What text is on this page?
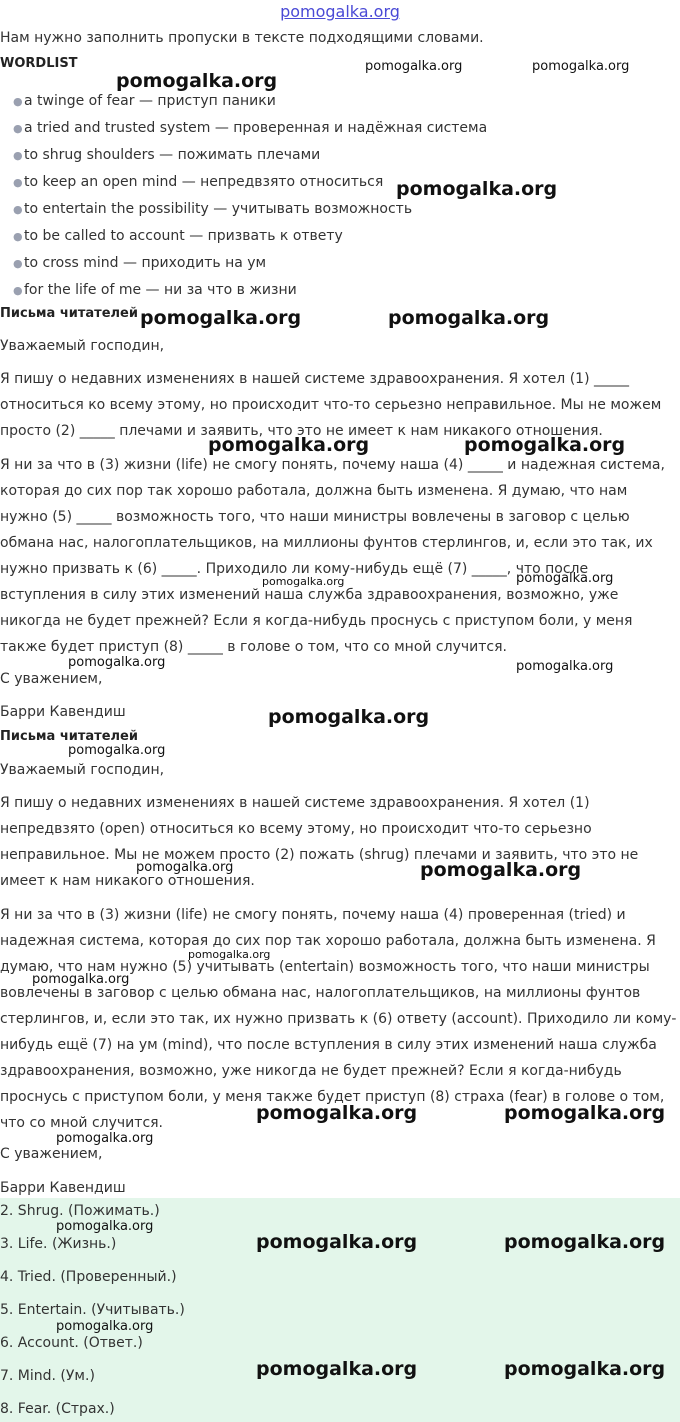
pomogalka.org
Нам нужно заполнить пропуски в тексте подходящими словами.
WORDLIST
● a twinge of fear — приступ паники
● a tried and trusted system — проверенная и надёжная система
● to shrug shoulders — пожимать плечами
● to keep an open mind — непредвзято относиться
● to entertain the possibility — учитывать возможность
● to be called to account — призвать к ответу
● to cross mind — приходить на ум
● for the life of me — ни за что в жизни
Письма читателей
Уважаемый господин,
Я пишу о недавних изменениях в нашей системе здравоохранения. Я хотел (1) _____
относиться ко всему этому, но происходит что-то серьезно неправильное. Мы не можем
просто (2) _____ плечами и заявить, что это не имеет к нам никакого отношения.
Я ни за что в (3) жизни (life) не смогу понять, почему наша (4) _____ и надежная система,
которая до сих пор так хорошо работала, должна быть изменена. Я думаю, что нам
нужно (5) _____ возможность того, что наши министры вовлечены в заговор с целью
обмана нас, налогоплательщиков, на миллионы фунтов стерлингов, и, если это так, их
нужно призвать к (6) _____. Приходило ли кому-нибудь ещё (7) _____, что после
вступления в силу этих изменений наша служба здравоохранения, возможно, уже
никогда не будет прежней? Если я когда-нибудь проснусь с приступом боли, у меня
также будет приступ (8) _____ в голове о том, что со мной случится.
С уважением,
Барри Кавендиш
Письма читателей
Уважаемый господин,
Я пишу о недавних изменениях в нашей системе здравоохранения. Я хотел (1)
непредвзято (open) относиться ко всему этому, но происходит что-то серьезно
неправильное. Мы не можем просто (2) пожать (shrug) плечами и заявить, что это не
имеет к нам никакого отношения.
Я ни за что в (3) жизни (life) не смогу понять, почему наша (4) проверенная (tried) и
надежная система, которая до сих пор так хорошо работала, должна быть изменена. Я
думаю, что нам нужно (5) учитывать (entertain) возможность того, что наши министры
вовлечены в заговор с целью обмана нас, налогоплательщиков, на миллионы фунтов
стерлингов, и, если это так, их нужно призвать к (6) ответу (account). Приходило ли кому-
нибудь ещё (7) на ум (mind), что после вступления в силу этих изменений наша служба
здравоохранения, возможно, уже никогда не будет прежней? Если я когда-нибудь
проснусь с приступом боли, у меня также будет приступ (8) страха (fear) в голове о том,
что со мной случится.
С уважением,
Барри Кавендиш
2. Shrug. (Пожимать.)
3. Life. (Жизнь.)
4. Tried. (Проверенный.)
5. Entertain. (Учитывать.)
6. Account. (Ответ.)
7. Mind. (Ум.)
8. Fear. (Страх.)
pomogalka.org
pomogalka.org	pomogalka.org
pomogalka.org
pomogalka.org	pomogalka.org
pomogalka.org	pomogalka.org
pomogalka.org	pomogalka.org
pomogalka.org	pomogalka.org
pomogalka.org
pomogalka.org
pomogalka.org	pomogalka.org
pomogalka.org
pomogalka.org
pomogalka.org	pomogalka.org
pomogalka.org
pomogalka.org
pomogalka.org	pomogalka.org
pomogalka.org
pomogalka.org	pomogalka.org
